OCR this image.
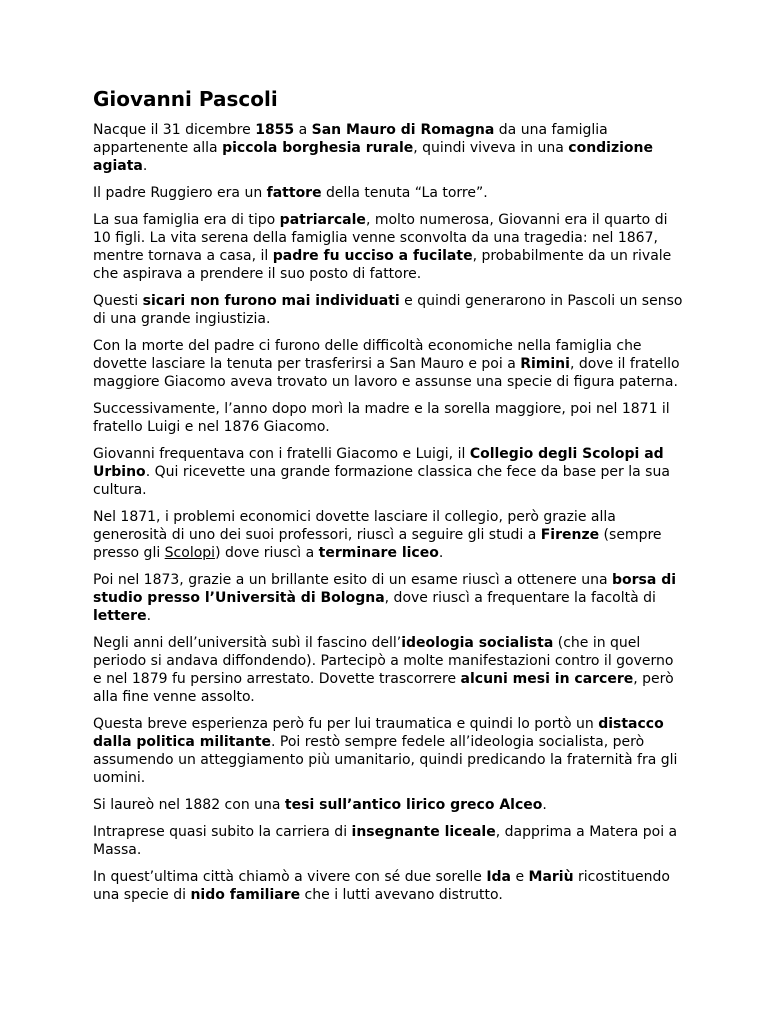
Giovanni Pascoli

Nacque il 31 dicembre 1855 a San Mauro di Romagna da una famiglia appartenente alla piccola borghesia rurale, quindi viveva in una condizione agiata.

Il padre Ruggiero era un fattore della tenuta “La torre”.

La sua famiglia era di tipo patriarcale, molto numerosa, Giovanni era il quarto di 10 figli. La vita serena della famiglia venne sconvolta da una tragedia: nel 1867, mentre tornava a casa, il padre fu ucciso a fucilate, probabilmente da un rivale che aspirava a prendere il suo posto di fattore.

Questi sicari non furono mai individuati e quindi generarono in Pascoli un senso di una grande ingiustizia.

Con la morte del padre ci furono delle difficoltà economiche nella famiglia che dovette lasciare la tenuta per trasferirsi a San Mauro e poi a Rimini, dove il fratello maggiore Giacomo aveva trovato un lavoro e assunse una specie di figura paterna.

Successivamente, l’anno dopo morì la madre e la sorella maggiore, poi nel 1871 il fratello Luigi e nel 1876 Giacomo.

Giovanni frequentava con i fratelli Giacomo e Luigi, il Collegio degli Scolopi ad Urbino. Qui ricevette una grande formazione classica che fece da base per la sua cultura.

Nel 1871, i problemi economici dovette lasciare il collegio, però grazie alla generosità di uno dei suoi professori, riuscì a seguire gli studi a Firenze (sempre presso gli Scolopi) dove riuscì a terminare liceo.

Poi nel 1873, grazie a un brillante esito di un esame riuscì a ottenere una borsa di studio presso l’Università di Bologna, dove riuscì a frequentare la facoltà di lettere.

Negli anni dell’università subì il fascino dell’ideologia socialista (che in quel periodo si andava diffondendo). Partecipò a molte manifestazioni contro il governo e nel 1879 fu persino arrestato. Dovette trascorrere alcuni mesi in carcere, però alla fine venne assolto.

Questa breve esperienza però fu per lui traumatica e quindi lo portò un distacco dalla politica militante. Poi restò sempre fedele all’ideologia socialista, però assumendo un atteggiamento più umanitario, quindi predicando la fraternità fra gli uomini.

Si laureò nel 1882 con una tesi sull’antico lirico greco Alceo.

Intraprese quasi subito la carriera di insegnante liceale, dapprima a Matera poi a Massa.

In quest’ultima città chiamò a vivere con sé due sorelle Ida e Mariù ricostituendo una specie di nido familiare che i lutti avevano distrutto.
